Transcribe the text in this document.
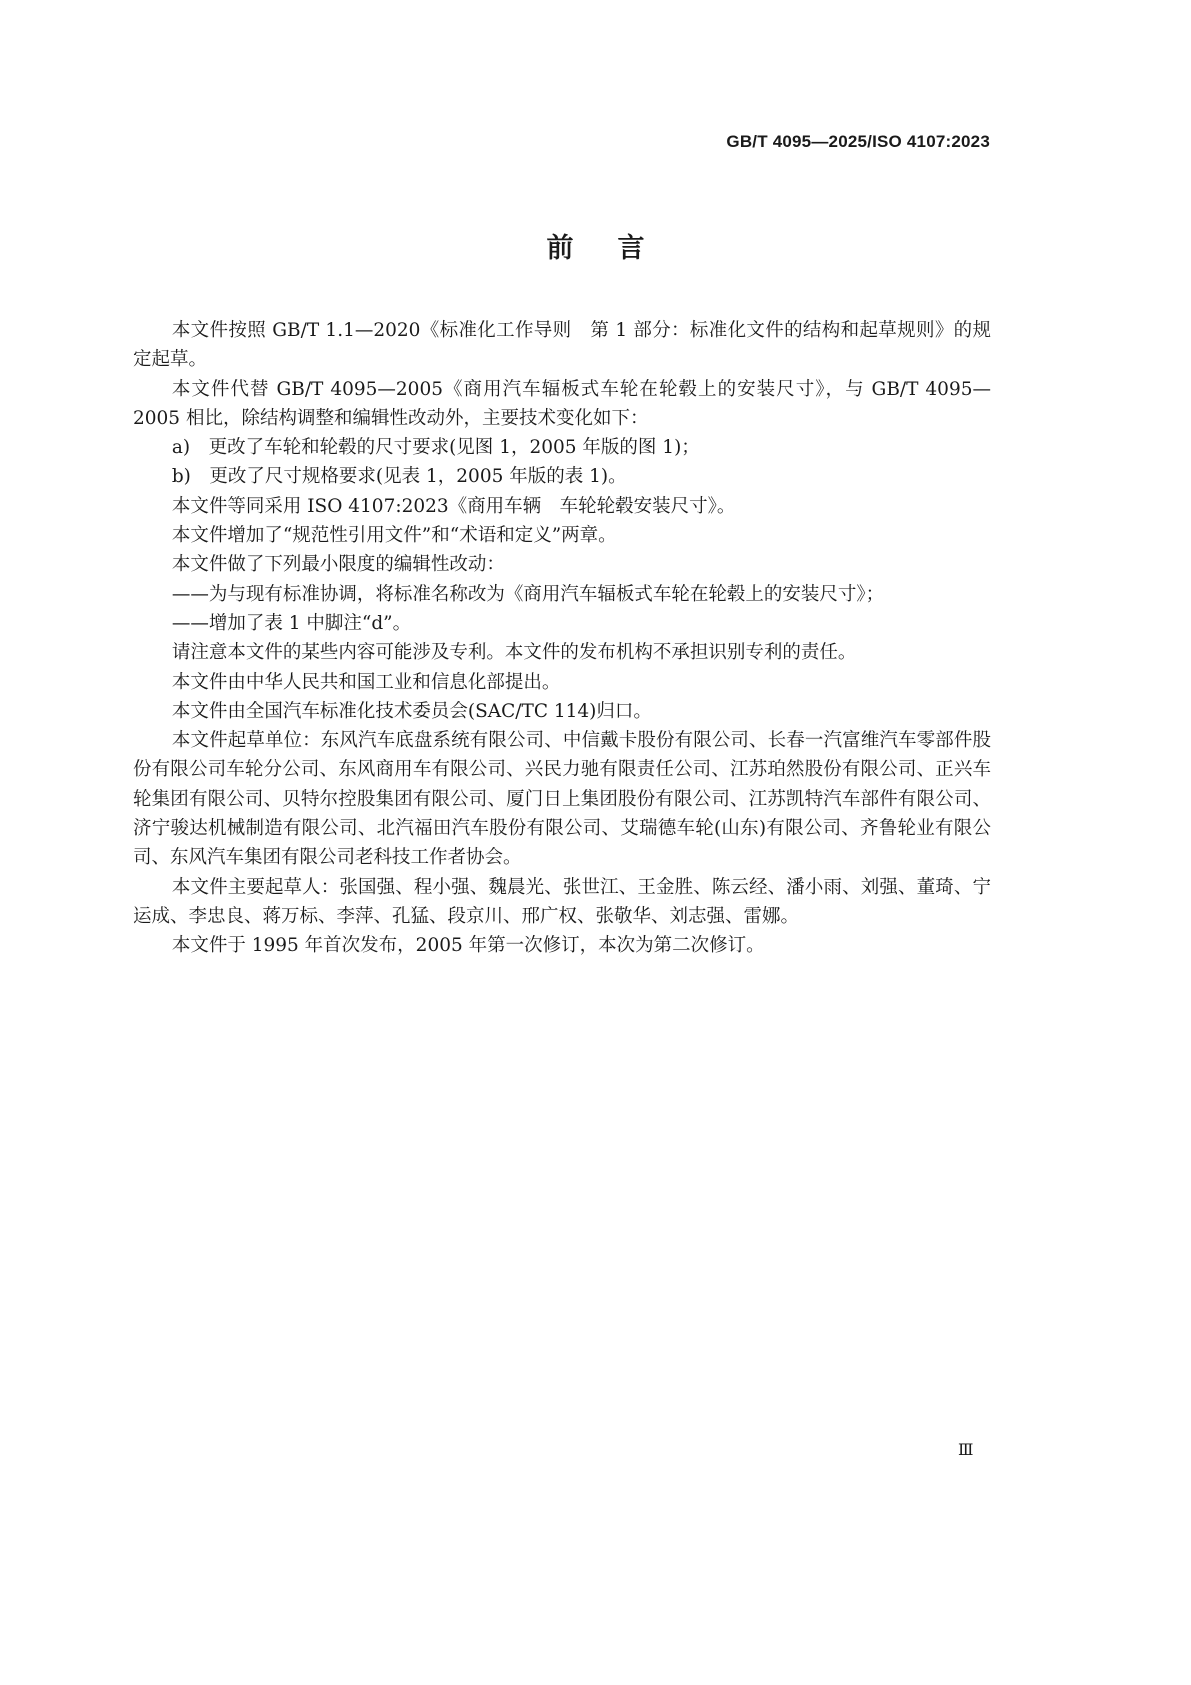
GB/T 4095—2025/ISO 4107:2023
前言

本文件按照 GB/T 1.1—2020《标准化工作导则　第 1 部分：标准化文件的结构和起草规则》的规定起草。

本文件代替 GB/T 4095—2005《商用汽车辐板式车轮在轮毂上的安装尺寸》，与 GB/T 4095—2005 相比，除结构调整和编辑性改动外，主要技术变化如下：

a)　更改了车轮和轮毂的尺寸要求(见图 1，2005 年版的图 1)；

b)　更改了尺寸规格要求(见表 1，2005 年版的表 1)。

本文件等同采用 ISO 4107:2023《商用车辆　车轮轮毂安装尺寸》。

本文件增加了“规范性引用文件”和“术语和定义”两章。

本文件做了下列最小限度的编辑性改动：

——为与现有标准协调，将标准名称改为《商用汽车辐板式车轮在轮毂上的安装尺寸》；

——增加了表 1 中脚注“d”。

请注意本文件的某些内容可能涉及专利。本文件的发布机构不承担识别专利的责任。

本文件由中华人民共和国工业和信息化部提出。

本文件由全国汽车标准化技术委员会(SAC/TC 114)归口。

本文件起草单位：东风汽车底盘系统有限公司、中信戴卡股份有限公司、长春一汽富维汽车零部件股份有限公司车轮分公司、东风商用车有限公司、兴民力驰有限责任公司、江苏珀然股份有限公司、正兴车轮集团有限公司、贝特尔控股集团有限公司、厦门日上集团股份有限公司、江苏凯特汽车部件有限公司、济宁骏达机械制造有限公司、北汽福田汽车股份有限公司、艾瑞德车轮(山东)有限公司、齐鲁轮业有限公司、东风汽车集团有限公司老科技工作者协会。

本文件主要起草人：张国强、程小强、魏晨光、张世江、王金胜、陈云经、潘小雨、刘强、董琦、宁运成、李忠良、蒋万标、李萍、孔猛、段京川、邢广权、张敬华、刘志强、雷娜。

本文件于 1995 年首次发布，2005 年第一次修订，本次为第二次修订。

Ⅲ
